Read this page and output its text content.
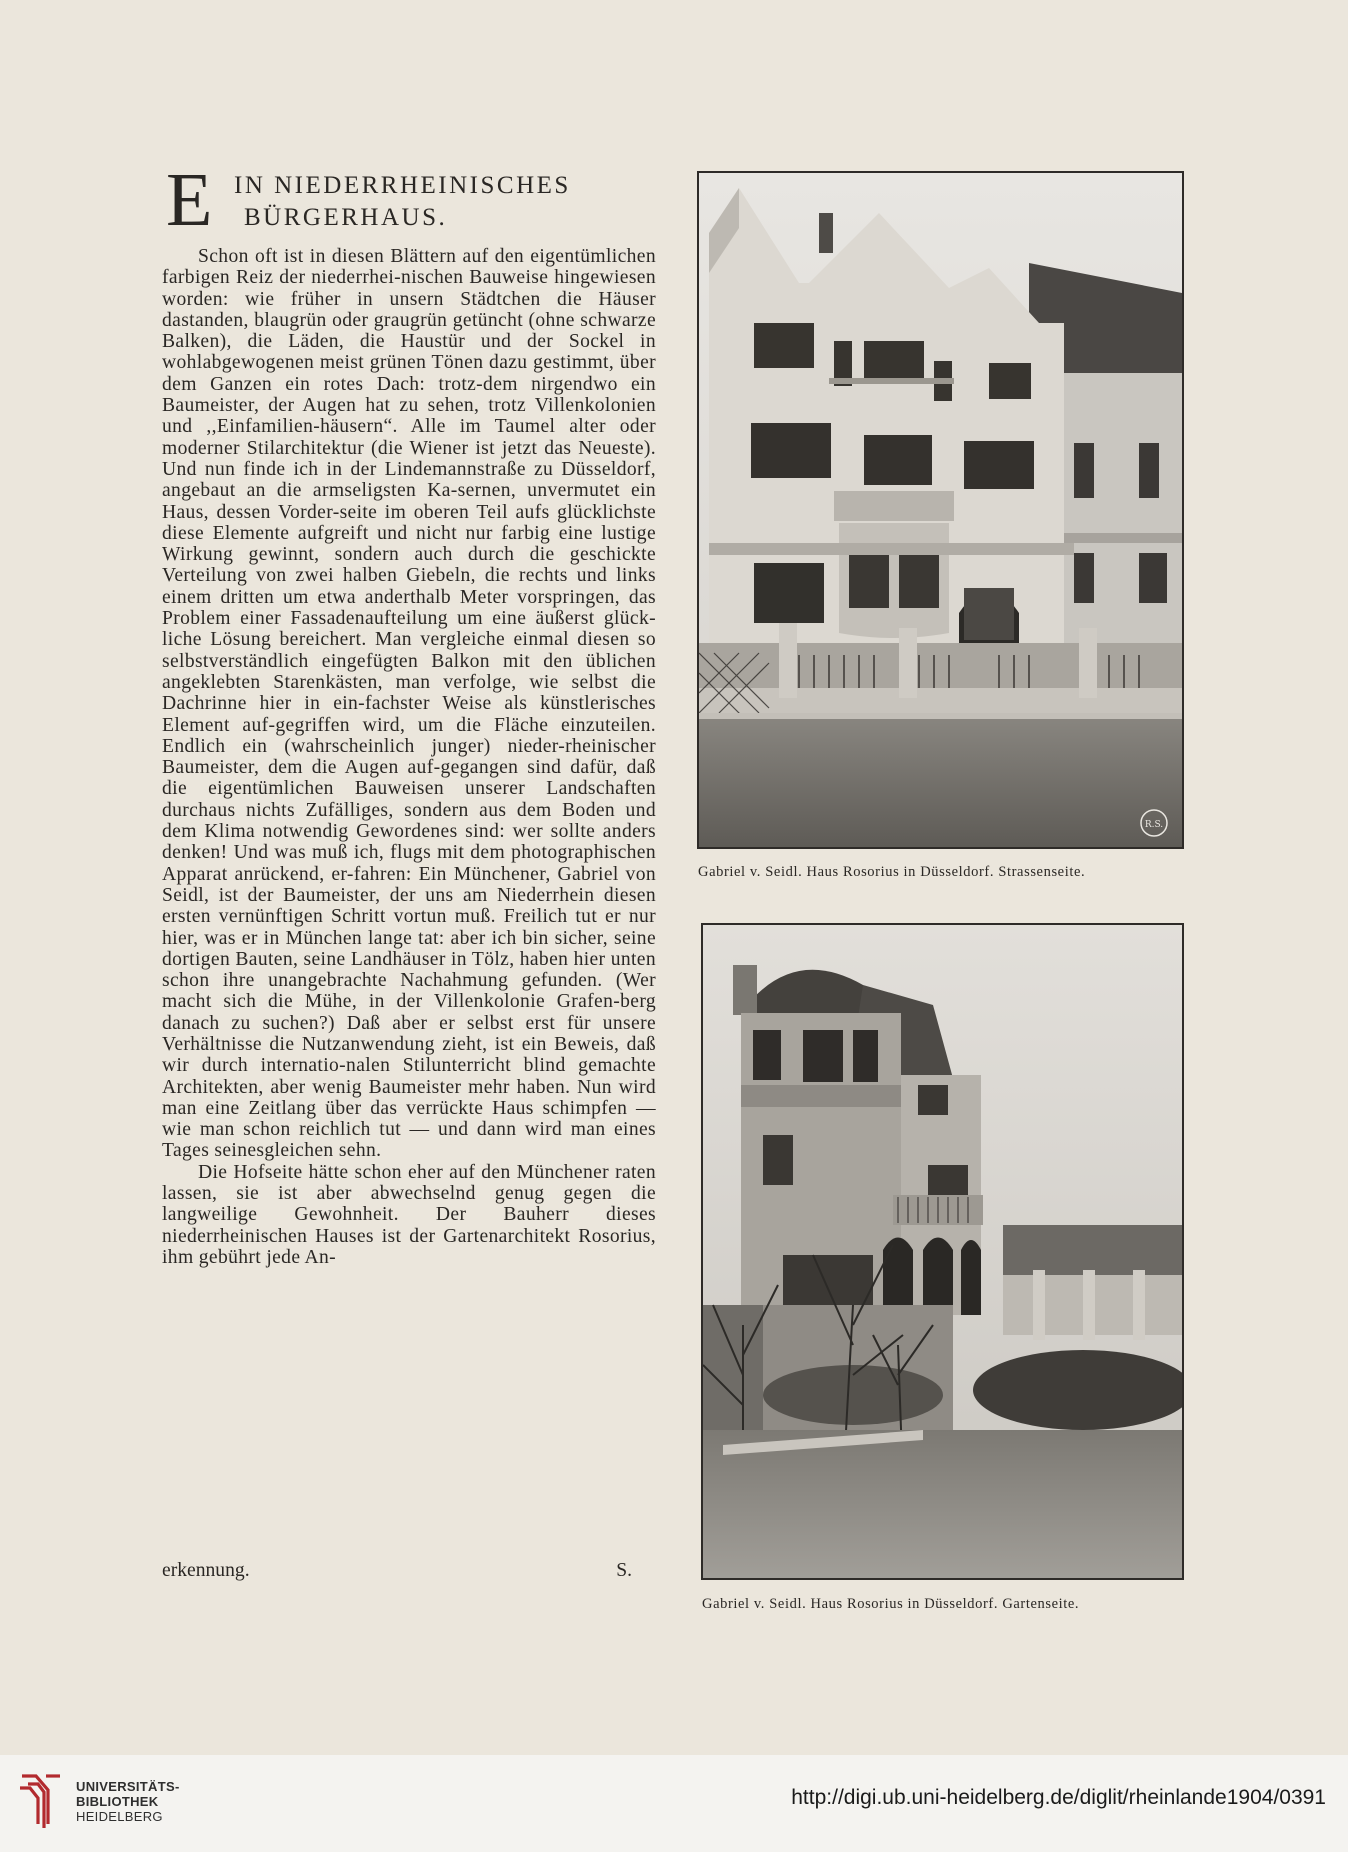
E IN NIEDERRHEINISCHES
BÜRGERHAUS.

Schon oft ist in diesen Blättern auf den eigentümlichen farbigen Reiz der niederrhei-nischen Bauweise hingewiesen worden: wie früher in unsern Städtchen die Häuser dastanden, blaugrün oder graugrün getüncht (ohne schwarze Balken), die Läden, die Haustür und der Sockel in wohlabgewogenen meist grünen Tönen dazu gestimmt, über dem Ganzen ein rotes Dach: trotz-dem nirgendwo ein Baumeister, der Augen hat zu sehen, trotz Villenkolonien und ,,Einfamilien-häusern“. Alle im Taumel alter oder moderner Stilarchitektur (die Wiener ist jetzt das Neueste). Und nun finde ich in der Lindemannstraße zu Düsseldorf, angebaut an die armseligsten Ka-sernen, unvermutet ein Haus, dessen Vorder-seite im oberen Teil aufs glücklichste diese Elemente aufgreift und nicht nur farbig eine lustige Wirkung gewinnt, sondern auch durch die geschickte Verteilung von zwei halben Giebeln, die rechts und links einem dritten um etwa anderthalb Meter vorspringen, das Problem einer Fassadenaufteilung um eine äußerst glück-liche Lösung bereichert. Man vergleiche einmal diesen so selbstverständlich eingefügten Balkon mit den üblichen angeklebten Starenkästen, man verfolge, wie selbst die Dachrinne hier in ein-fachster Weise als künstlerisches Element auf-gegriffen wird, um die Fläche einzuteilen. Endlich ein (wahrscheinlich junger) nieder-rheinischer Baumeister, dem die Augen auf-gegangen sind dafür, daß die eigentümlichen Bauweisen unserer Landschaften durchaus nichts Zufälliges, sondern aus dem Boden und dem Klima notwendig Gewordenes sind: wer sollte anders denken! Und was muß ich, flugs mit dem photographischen Apparat anrückend, er-fahren: Ein Münchener, Gabriel von Seidl, ist der Baumeister, der uns am Niederrhein diesen ersten vernünftigen Schritt vortun muß. Freilich tut er nur hier, was er in München lange tat: aber ich bin sicher, seine dortigen Bauten, seine Landhäuser in Tölz, haben hier unten schon ihre unangebrachte Nachahmung gefunden. (Wer macht sich die Mühe, in der Villenkolonie Grafen-berg danach zu suchen?) Daß aber er selbst erst für unsere Verhältnisse die Nutzanwendung zieht, ist ein Beweis, daß wir durch internatio-nalen Stilunterricht blind gemachte Architekten, aber wenig Baumeister mehr haben. Nun wird man eine Zeitlang über das verrückte Haus schimpfen — wie man schon reichlich tut — und dann wird man eines Tages seinesgleichen sehn.

Die Hofseite hätte schon eher auf den Münchener raten lassen, sie ist aber abwechselnd genug gegen die langweilige Gewohnheit. Der Bauherr dieses niederrheinischen Hauses ist der Gartenarchitekt Rosorius, ihm gebührt jede An-

erkennung.	S.
R.S.
Gabriel v. Seidl. Haus Rosorius in Düsseldorf. Strassenseite.
Gabriel v. Seidl. Haus Rosorius in Düsseldorf. Gartenseite.
UNIVERSITÄTS-
BIBLIOTHEK
HEIDELBERG
http://digi.ub.uni-heidelberg.de/diglit/rheinlande1904/0391
